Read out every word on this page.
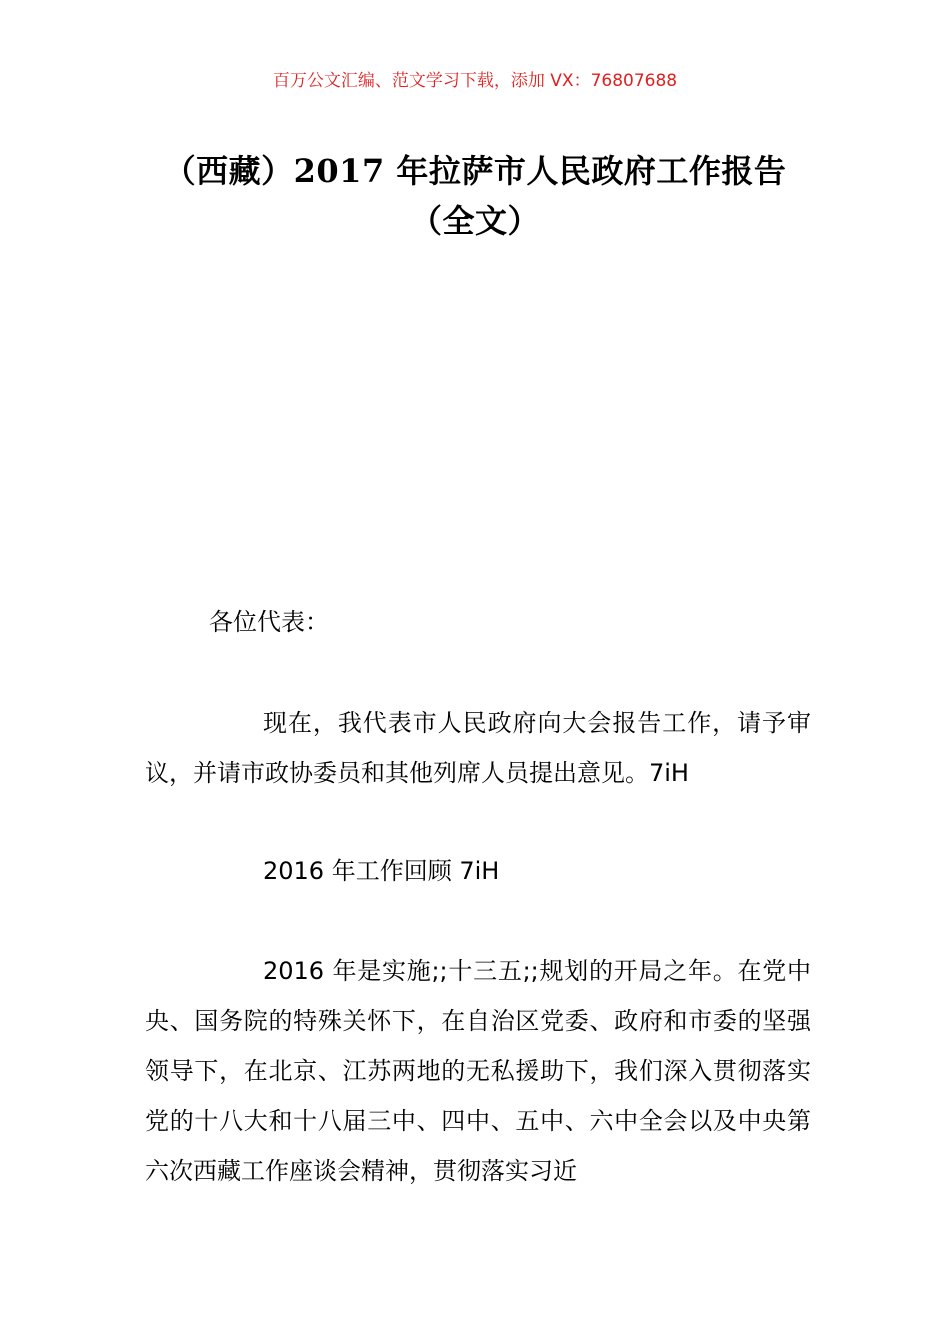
百万公文汇编、范文学习下载，添加 VX：76807688
（西藏）2017 年拉萨市人民政府工作报告
（全文）
各位代表：

现在，我代表市人民政府向大会报告工作，请予审议，并请市政协委员和其他列席人员提出意见。7iH

2016 年工作回顾 7iH

2016 年是实施;;十三五;;规划的开局之年。在党中央、国务院的特殊关怀下，在自治区党委、政府和市委的坚强领导下，在北京、江苏两地的无私援助下，我们深入贯彻落实党的十八大和十八届三中、四中、五中、六中全会以及中央第六次西藏工作座谈会精神，贯彻落实习近
